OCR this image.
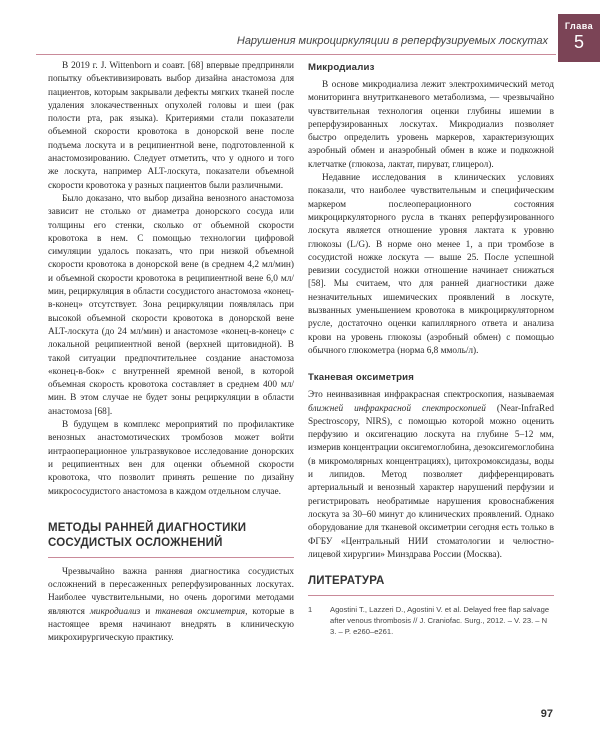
Нарушения микроциркуляции в реперфузируемых лоскутах
Глава
5

В 2019 г. J. Wittenborn и соавт. [68] впервые предприняли попытку объективизировать выбор дизайна анастомоза для пациентов, которым закрывали дефекты мягких тканей после удаления злокачественных опухолей головы и шеи (рак полости рта, рак языка). Критериями стали показатели объемной скорости кровотока в донорской вене после подъема лоскута и в реципиентной вене, подготовленной к анастомозированию. Следует отметить, что у одного и того же лоскута, например ALT-лоскута, показатели объемной скорости кровотока у разных пациентов были различными.

Было доказано, что выбор дизайна венозного анастомоза зависит не столько от диаметра донорского сосуда или толщины его стенки, сколько от объемной скорости кровотока в нем. С помощью технологии цифровой симуляции удалось показать, что при низкой объемной скорости кровотока в донорской вене (в среднем 4,2 мл/мин) и объемной скорости кровотока в реципиентной вене 6,0 мл/мин, рециркуляция в области сосудистого анастомоза «конец-в-конец» отсутствует. Зона рециркуляции появлялась при высокой объемной скорости кровотока в донорской вене ALT-лоскута (до 24 мл/мин) и анастомозе «конец-в-конец» с локальной реципиентной веной (верхней щитовидной). В такой ситуации предпочтительнее создание анастомоза «конец-в-бок» с внутренней яремной веной, в которой объемная скорость кровотока составляет в среднем 400 мл/мин. В этом случае не будет зоны рециркуляции в области анастомоза [68].

В будущем в комплекс мероприятий по профилактике венозных анастомотических тромбозов может войти интраоперационное ультразвуковое исследование донорских и реципиентных вен для оценки объемной скорости кровотока, что позволит принять решение по дизайну микрососудистого анастомоза в каждом отдельном случае.

МЕТОДЫ РАННЕЙ ДИАГНОСТИКИ СОСУДИСТЫХ ОСЛОЖНЕНИЙ

Чрезвычайно важна ранняя диагностика сосудистых осложнений в пересаженных реперфузированных лоскутах. Наиболее чувствительными, но очень дорогими методами являются микродиализ и тканевая оксиметрия, которые в настоящее время начинают внедрять в клиническую микрохирургическую практику.

Микродиализ

В основе микродиализа лежит электрохимический метод мониторинга внутритканевого метаболизма, — чрезвычайно чувствительная технология оценки глубины ишемии в реперфузированных лоскутах. Микродиализ позволяет быстро определить уровень маркеров, характеризующих аэробный обмен и анаэробный обмен в коже и подкожной клетчатке (глюкоза, лактат, пируват, глицерол).

Недавние исследования в клинических условиях показали, что наиболее чувствительным и специфическим маркером послеоперационного состояния микроциркуляторного русла в тканях реперфузированного лоскута является отношение уровня лактата к уровню глюкозы (L/G). В норме оно менее 1, а при тромбозе в сосудистой ножке лоскута — выше 25. После успешной ревизии сосудистой ножки отношение начинает снижаться [58]. Мы считаем, что для ранней диагностики даже незначительных ишемических проявлений в лоскуте, вызванных уменьшением кровотока в микроциркуляторном русле, достаточно оценки капиллярного ответа и анализа крови на уровень глюкозы (аэробный обмен) с помощью обычного глюкометра (норма 6,8 ммоль/л).

Тканевая оксиметрия

Это неинвазивная инфракрасная спектроскопия, называемая ближней инфракрасной спектроскопией (Near-InfraRed Spectroscopy, NIRS), с помощью которой можно оценить перфузию и оксигенацию лоскута на глубине 5–12 мм, измерив концентрации оксигемоглобина, дезоксигемоглобина (в микромолярных концентрациях), цитохромоксидазы, воды и липидов. Метод позволяет дифференцировать артериальный и венозный характер нарушений перфузии и регистрировать необратимые нарушения кровоснабжения лоскута за 30–60 минут до клинических проявлений. Однако оборудование для тканевой оксиметрии сегодня есть только в ФГБУ «Центральный НИИ стоматологии и челюстно-лицевой хирургии» Минздрава России (Москва).

ЛИТЕРАТУРА
1	Agostini T., Lazzeri D., Agostini V. et al. Delayed free flap salvage after venous thrombosis // J. Craniofac. Surg., 2012. – V. 23. – N 3. – P. e260–e261.
97
